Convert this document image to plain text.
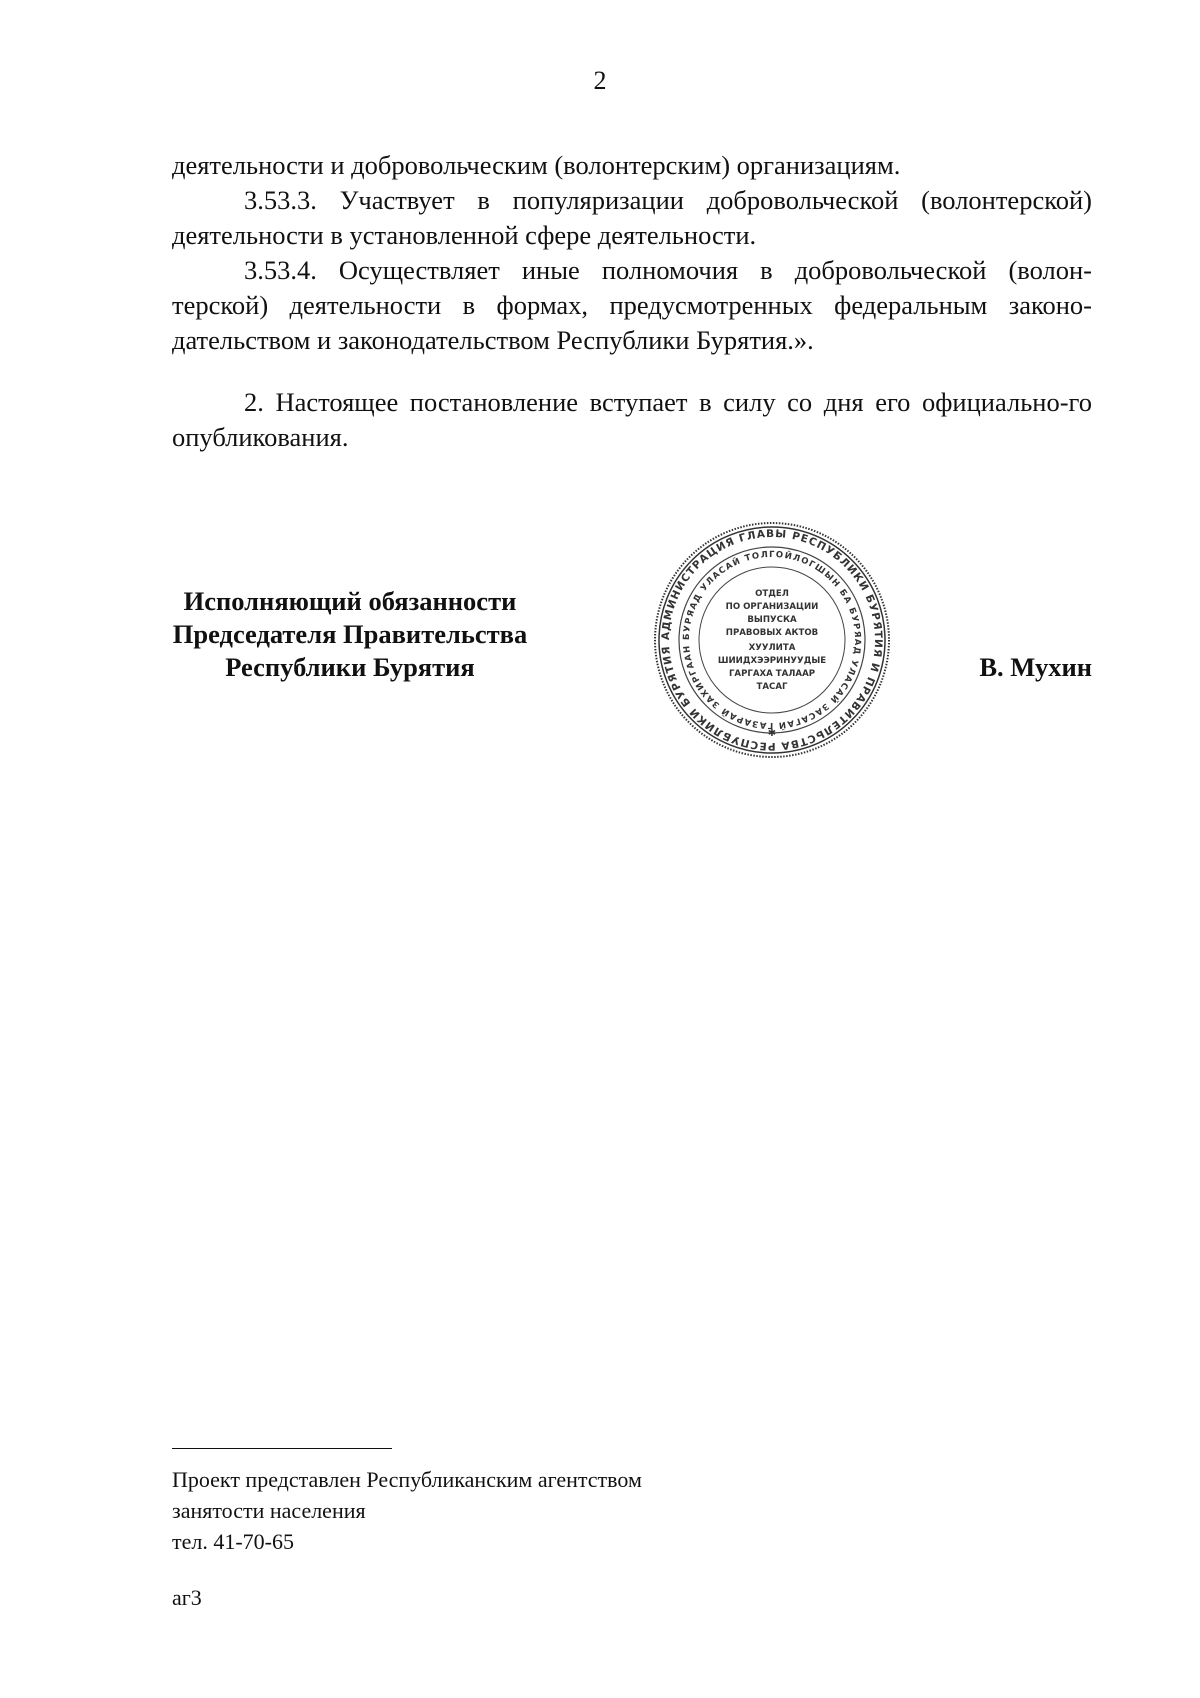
2

деятельности и добровольческим (волонтерским) организациям.

3.53.3. Участвует в популяризации добровольческой (волонтерской) деятельности в установленной сфере деятельности.

3.53.4. Осуществляет иные полномочия в добровольческой (волон-терской) деятельности в формах, предусмотренных федеральным законо-дательством и законодательством Республики Бурятия.».

2. Настоящее постановление вступает в силу со дня его официально-го опубликования.

Исполняющий обязанности
Председателя Правительства
Республики Бурятия
АДМИНИСТРАЦИЯ ГЛАВЫ РЕСПУБЛИКИ БУРЯТИЯ И ПРАВИТЕЛЬСТВА РЕСПУБЛИКИ БУРЯТИЯ
БУРЯАД УЛАСАЙ ТОЛГОЙЛОГШЫН БА БУРЯАД УЛАСАЙ ЗАСАГАЙ ГАЗАРАЙ ЗАХИРГААН
ОТДЕЛ
ПО ОРГАНИЗАЦИИ
ВЫПУСКА
ПРАВОВЫХ АКТОВ
ХУУЛИТА
ШИИДХЭЭРИНУУДЫЕ
ГАРГАХА ТАЛААР
ТАСАГ
✱
В. Мухин
Проект представлен Республиканским агентством
занятости населения
тел. 41-70-65
аг3
